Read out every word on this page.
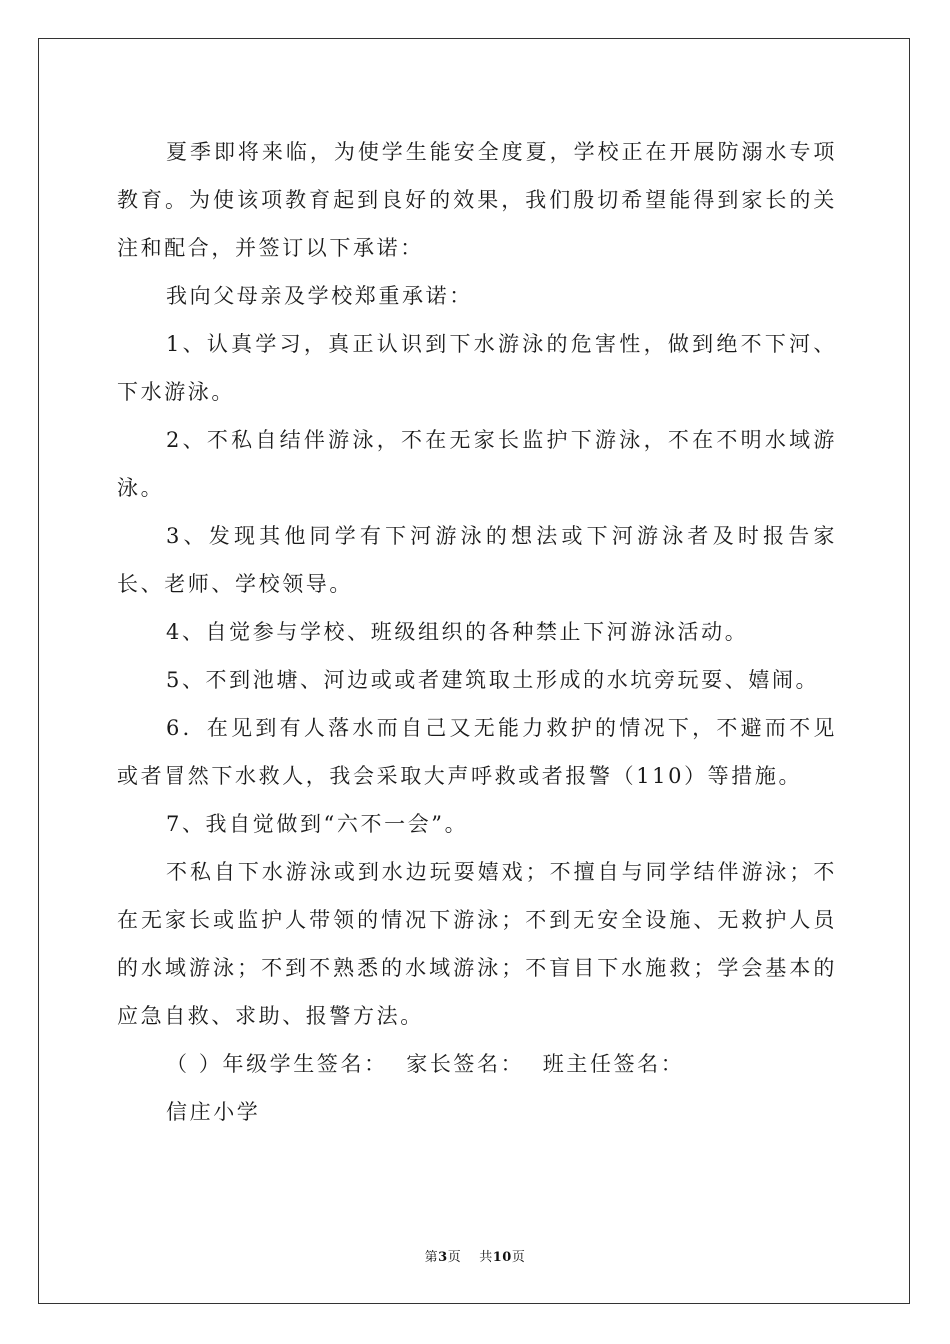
夏季即将来临，为使学生能安全度夏，学校正在开展防溺水专项教育。为使该项教育起到良好的效果，我们殷切希望能得到家长的关注和配合，并签订以下承诺：

我向父母亲及学校郑重承诺：

1、认真学习，真正认识到下水游泳的危害性，做到绝不下河、下水游泳。

2、不私自结伴游泳，不在无家长监护下游泳，不在不明水域游泳。

3、发现其他同学有下河游泳的想法或下河游泳者及时报告家长、老师、学校领导。

4、自觉参与学校、班级组织的各种禁止下河游泳活动。

5、不到池塘、河边或或者建筑取土形成的水坑旁玩耍、嬉闹。

6．在见到有人落水而自己又无能力救护的情况下，不避而不见或者冒然下水救人，我会采取大声呼救或者报警（110）等措施。

7、我自觉做到“六不一会”。

不私自下水游泳或到水边玩耍嬉戏；不擅自与同学结伴游泳；不在无家长或监护人带领的情况下游泳；不到无安全设施、无救护人员的水域游泳；不到不熟悉的水域游泳；不盲目下水施救；学会基本的应急自救、求助、报警方法。

（ ）年级学生签名：  家长签名：  班主任签名：

信庄小学

第3页 共10页
